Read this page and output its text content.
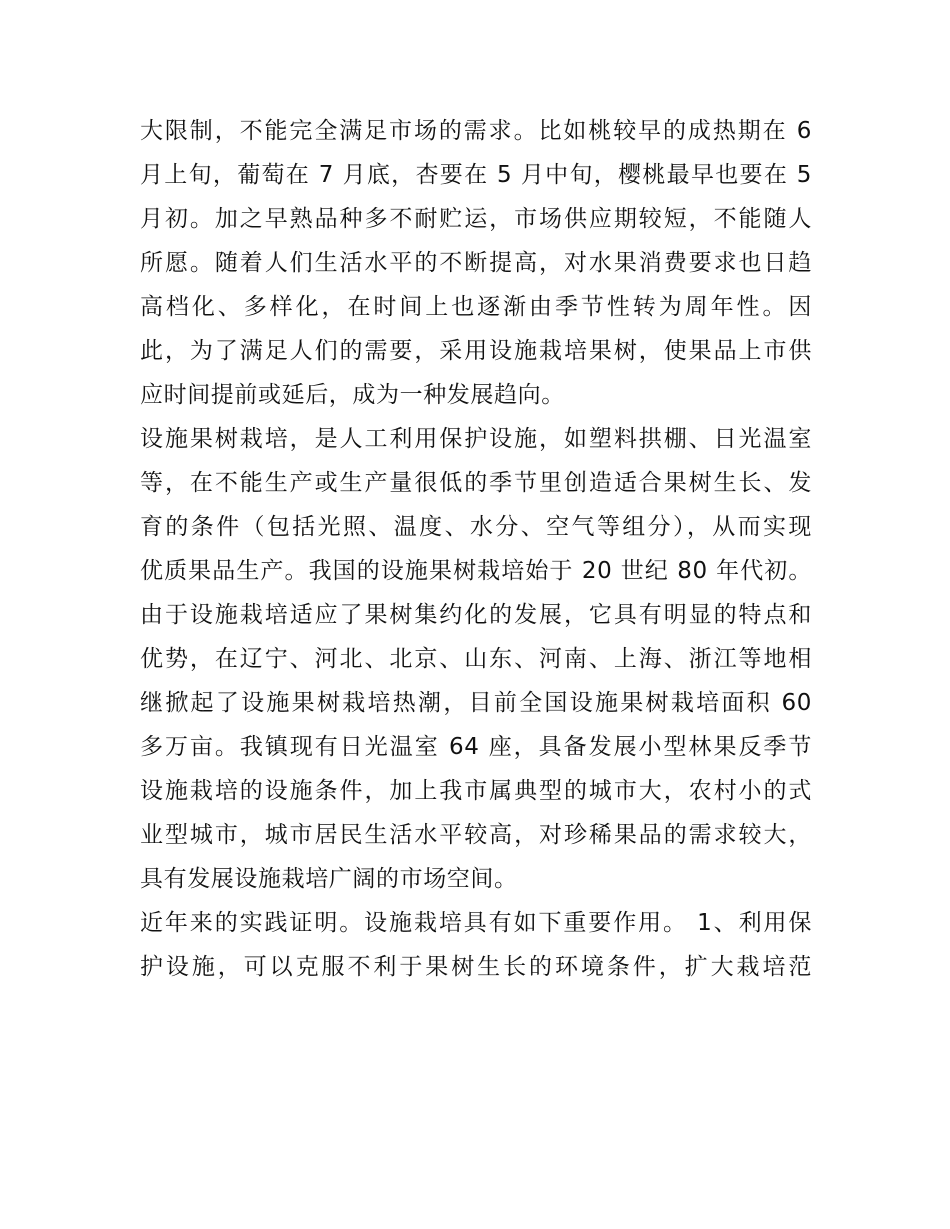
大限制，不能完全满足市场的需求。比如桃较早的成热期在 6
月上旬，葡萄在 7 月底，杏要在 5 月中旬，樱桃最早也要在 5
月初。加之早熟品种多不耐贮运，市场供应期较短，不能随人
所愿。随着人们生活水平的不断提高，对水果消费要求也日趋
高档化、多样化，在时间上也逐渐由季节性转为周年性。因
此，为了满足人们的需要，采用设施栽培果树，使果品上市供
应时间提前或延后，成为一种发展趋向。
设施果树栽培，是人工利用保护设施，如塑料拱棚、日光温室
等，在不能生产或生产量很低的季节里创造适合果树生长、发
育的条件（包括光照、温度、水分、空气等组分），从而实现
优质果品生产。我国的设施果树栽培始于 20 世纪 80 年代初。
由于设施栽培适应了果树集约化的发展，它具有明显的特点和
优势，在辽宁、河北、北京、山东、河南、上海、浙江等地相
继掀起了设施果树栽培热潮，目前全国设施果树栽培面积 60
多万亩。我镇现有日光温室 64 座，具备发展小型林果反季节
设施栽培的设施条件，加上我市属典型的城市大，农村小的式
业型城市，城市居民生活水平较高，对珍稀果品的需求较大，
具有发展设施栽培广阔的市场空间。
近年来的实践证明。设施栽培具有如下重要作用。 1、利用保
护设施，可以克服不利于果树生长的环境条件，扩大栽培范
